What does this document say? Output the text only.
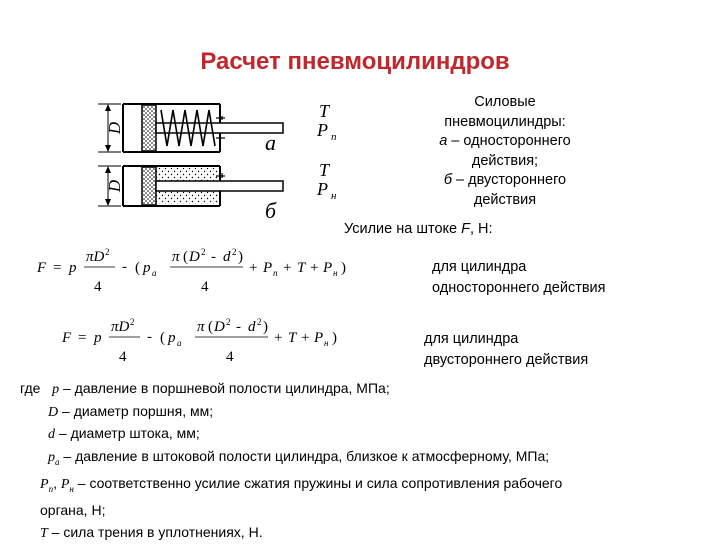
Расчет пневмоцилиндров
D
D
T
P п
а
T
P н
б
Силовые
пневмоцилиндры:
а – одностороннего
действия;
б – двустороннего
действия
Усилие на штоке F, Н:
F = p
πD 2
4
- ( p а
π ( D 2 - d 2 )
4
+ P п + T + P н )	для цилиндра
одностороннего действия
F = p
πD 2
4
- ( p а
π ( D 2 - d 2 )
4
+ T + P н )	для цилиндра
двустороннего действия
где p – давление в поршневой полости цилиндра, МПа;
D – диаметр поршня, мм;
d – диаметр штока, мм;
$p_а$ – давление в штоковой полости цилиндра, близкое к атмосферному, МПа;
$P_п$, $P_н$ – соответственно усилие сжатия пружины и сила сопротивления рабочего
органа, Н;
T – сила трения в уплотнениях, Н.
